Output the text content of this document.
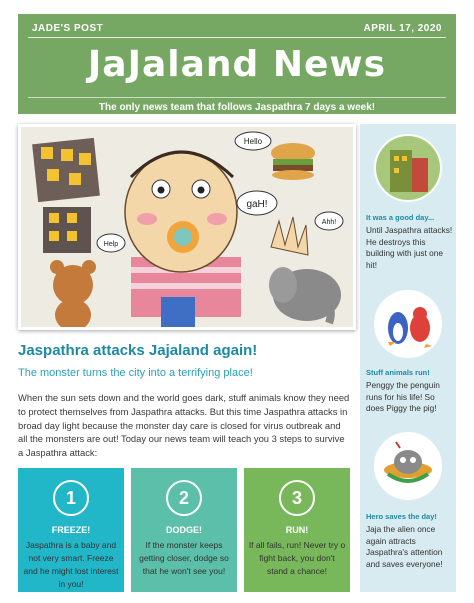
JADE'S POST	APRIL 17, 2020
JaJaland News
The only news team that follows Jaspathra 7 days a week!
Hello
gaH!
Help
Ahh!
Jaspathra attacks Jajaland again!
The monster turns the city into a terrifying place!
When the sun sets down and the world goes dark, stuff animals know they need to protect themselves from Jaspathra attacks. But this time Jaspathra attacks in broad day light because the monster day care is closed for virus outbreak and all the monsters are out! Today our news team will teach you 3 steps to survive a Jaspathra attack:
1
FREEZE!
Jaspathra is a baby and not very smart. Freeze and he might lost interest in you!
2
DODGE!
If the monster keeps getting closer, dodge so that he won't see you!
3
RUN!
If all fails, run! Never try o fight back, you don't stand a chance!
It was a good day...
Until Jaspathra attacks! He destroys this building with just one hit!
Stuff animals run!
Penggy the penguin runs for his life! So does Piggy the pig!
Hero saves the day!
Jaja the alien once again attracts Jaspathra's attention and saves everyone!
